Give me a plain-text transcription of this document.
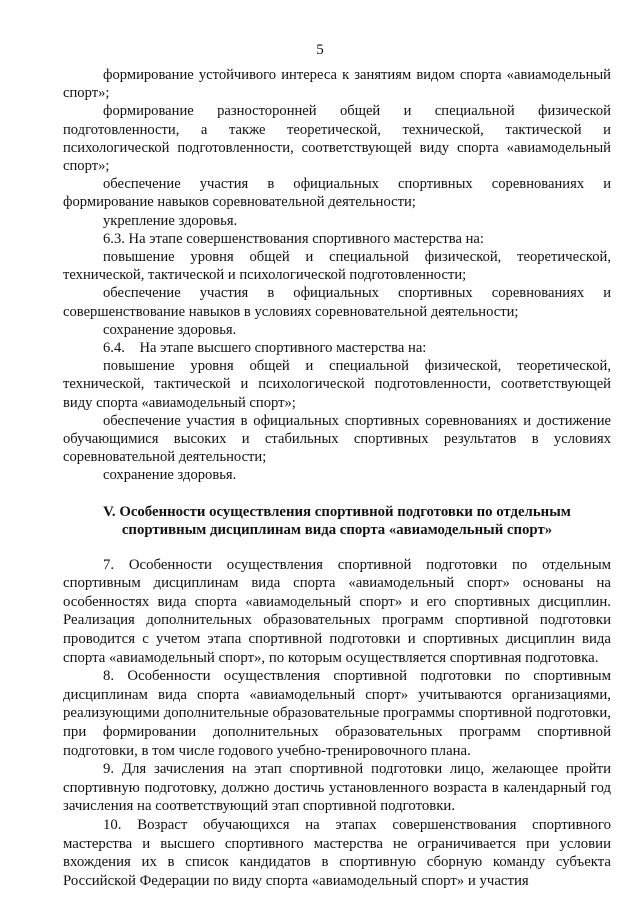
5

формирование устойчивого интереса к занятиям видом спорта «авиамодельный спорт»;

формирование разносторонней общей и специальной физической подготовленности, а также теоретической, технической, тактической и психологической подготовленности, соответствующей виду спорта «авиамодельный спорт»;

обеспечение участия в официальных спортивных соревнованиях и формирование навыков соревновательной деятельности;

укрепление здоровья.

6.3. На этапе совершенствования спортивного мастерства на:

повышение уровня общей и специальной физической, теоретической, технической, тактической и психологической подготовленности;

обеспечение участия в официальных спортивных соревнованиях и совершенствование навыков в условиях соревновательной деятельности;

сохранение здоровья.

6.4.    На этапе высшего спортивного мастерства на:

повышение уровня общей и специальной физической, теоретической, технической, тактической и психологической подготовленности, соответствующей виду спорта «авиамодельный спорт»;

обеспечение участия в официальных спортивных соревнованиях и достижение обучающимися высоких и стабильных спортивных результатов в условиях соревновательной деятельности;

сохранение здоровья.

V. Особенности осуществления спортивной подготовки по отдельным спортивным дисциплинам вида спорта «авиамодельный спорт»

7. Особенности осуществления спортивной подготовки по отдельным спортивным дисциплинам вида спорта «авиамодельный спорт» основаны на особенностях вида спорта «авиамодельный спорт» и его спортивных дисциплин. Реализация дополнительных образовательных программ спортивной подготовки проводится с учетом этапа спортивной подготовки и спортивных дисциплин вида спорта «авиамодельный спорт», по которым осуществляется спортивная подготовка.

8. Особенности осуществления спортивной подготовки по спортивным дисциплинам вида спорта «авиамодельный спорт» учитываются организациями, реализующими дополнительные образовательные программы спортивной подготовки, при формировании дополнительных образовательных программ спортивной подготовки, в том числе годового учебно-тренировочного плана.

9. Для зачисления на этап спортивной подготовки лицо, желающее пройти спортивную подготовку, должно достичь установленного возраста в календарный год зачисления на соответствующий этап спортивной подготовки.

10. Возраст обучающихся на этапах совершенствования спортивного мастерства и высшего спортивного мастерства не ограничивается при условии вхождения их в список кандидатов в спортивную сборную команду субъекта Российской Федерации по виду спорта «авиамодельный спорт» и участия
